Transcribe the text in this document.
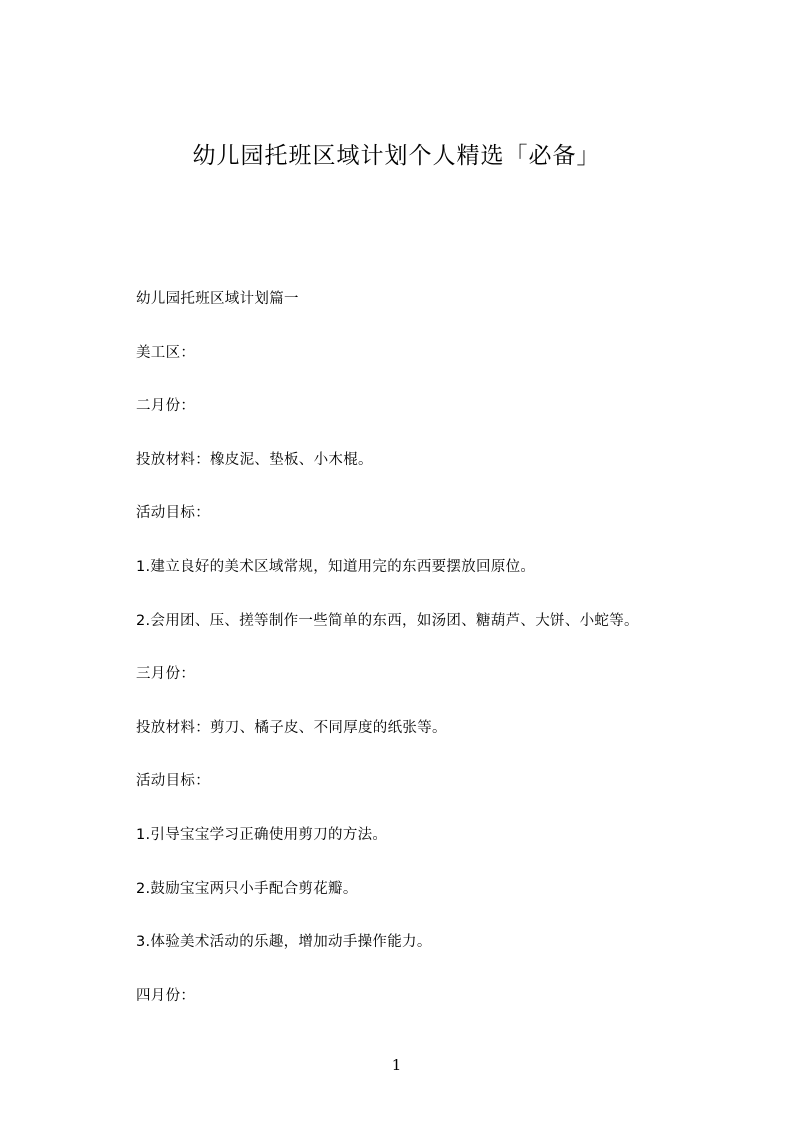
幼儿园托班区域计划个人精选「必备」

幼儿园托班区域计划篇一

美工区：

二月份：

投放材料：橡皮泥、垫板、小木棍。

活动目标：

1.建立良好的美术区域常规，知道用完的东西要摆放回原位。

2.会用团、压、搓等制作一些简单的东西，如汤团、糖葫芦、大饼、小蛇等。

三月份：

投放材料：剪刀、橘子皮、不同厚度的纸张等。

活动目标：

1.引导宝宝学习正确使用剪刀的方法。

2.鼓励宝宝两只小手配合剪花瓣。

3.体验美术活动的乐趣，增加动手操作能力。

四月份：

1
